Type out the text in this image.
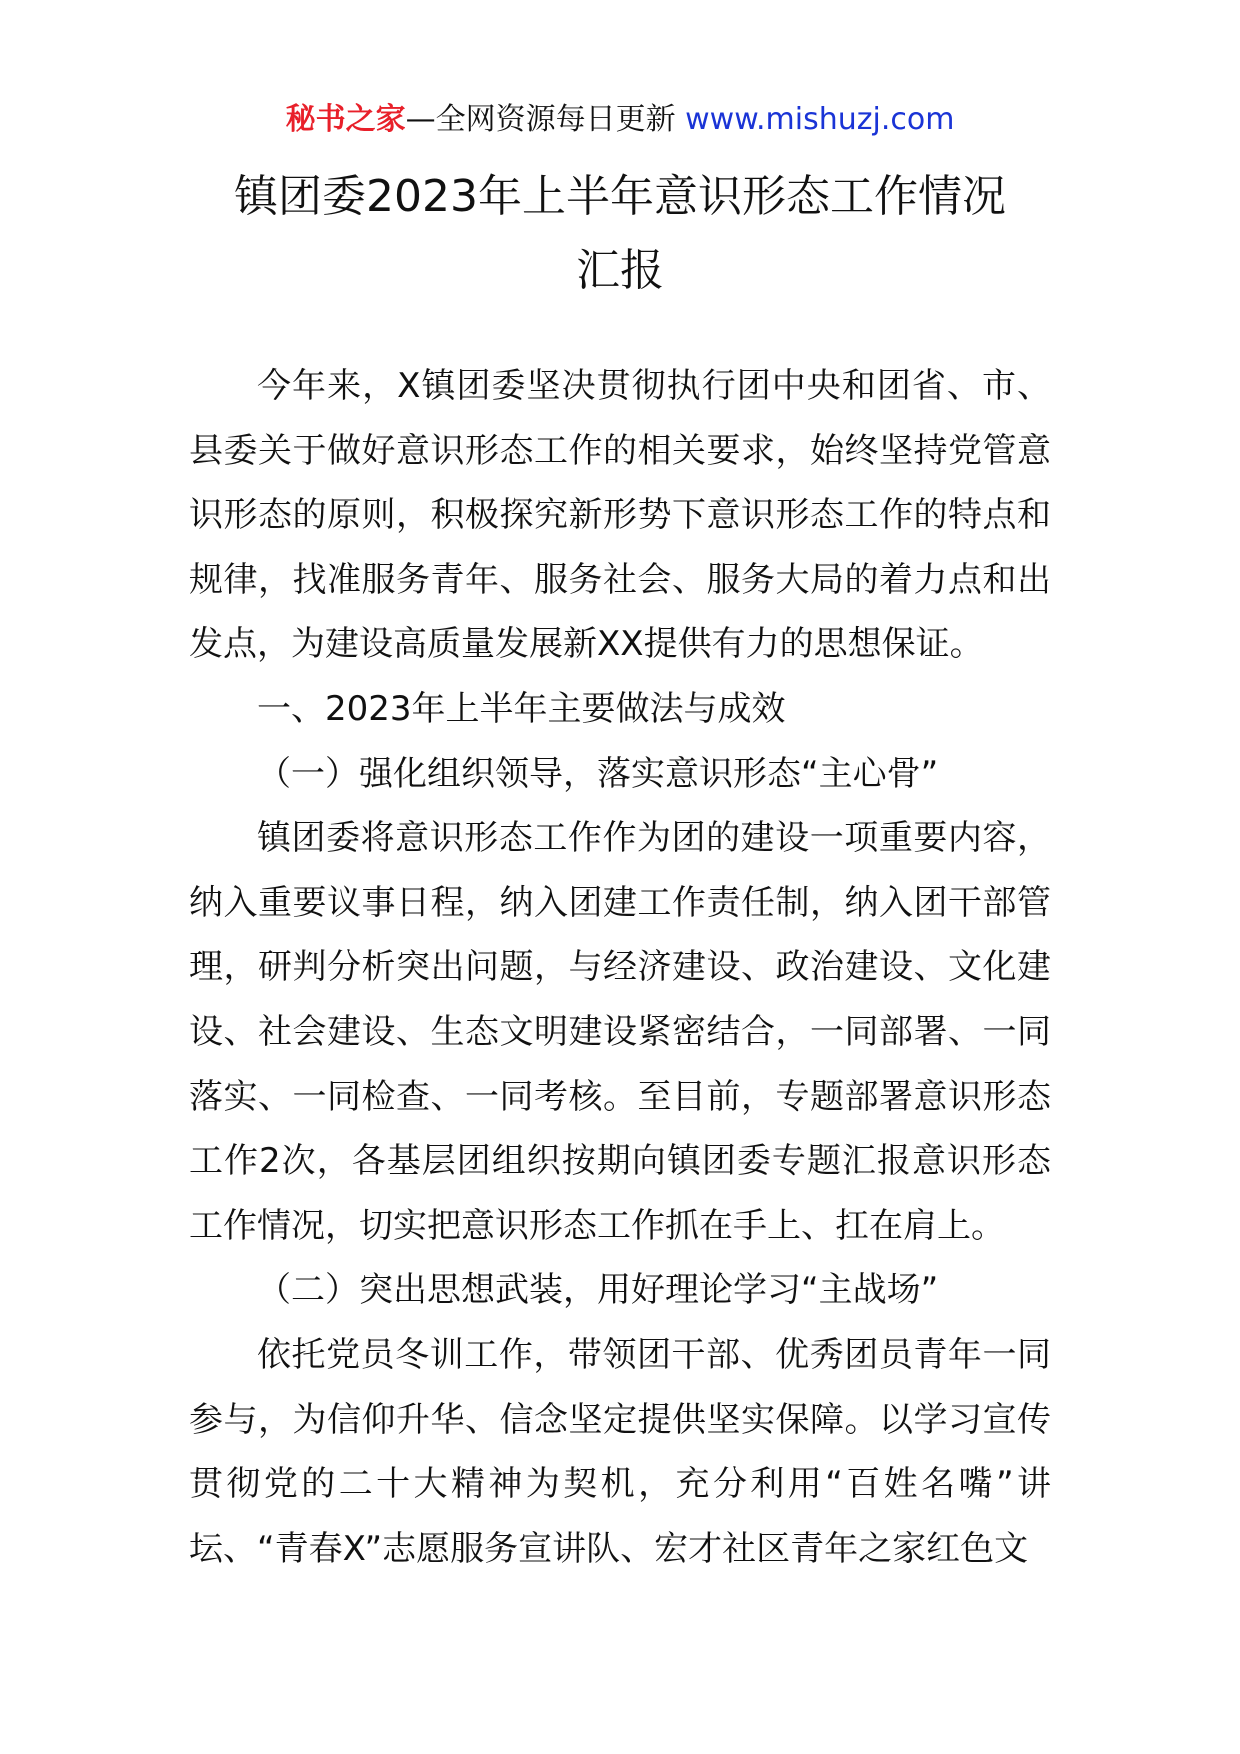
秘书之家—全网资源每日更新 www.mishuzj.com
镇团委2023年上半年意识形态工作情况
汇报

今年来，X镇团委坚决贯彻执行团中央和团省、市、县委关于做好意识形态工作的相关要求，始终坚持党管意识形态的原则，积极探究新形势下意识形态工作的特点和规律，找准服务青年、服务社会、服务大局的着力点和出发点，为建设高质量发展新XX提供有力的思想保证。

一、2023年上半年主要做法与成效

（一）强化组织领导，落实意识形态“主心骨”

镇团委将意识形态工作作为团的建设一项重要内容，纳入重要议事日程，纳入团建工作责任制，纳入团干部管理，研判分析突出问题，与经济建设、政治建设、文化建设、社会建设、生态文明建设紧密结合，一同部署、一同落实、一同检查、一同考核。至目前，专题部署意识形态工作2次，各基层团组织按期向镇团委专题汇报意识形态工作情况，切实把意识形态工作抓在手上、扛在肩上。

（二）突出思想武装，用好理论学习“主战场”

依托党员冬训工作，带领团干部、优秀团员青年一同参与，为信仰升华、信念坚定提供坚实保障。以学习宣传贯彻党的二十大精神为契机，充分利用“百姓名嘴”讲坛、“青春X”志愿服务宣讲队、宏才社区青年之家红色文
